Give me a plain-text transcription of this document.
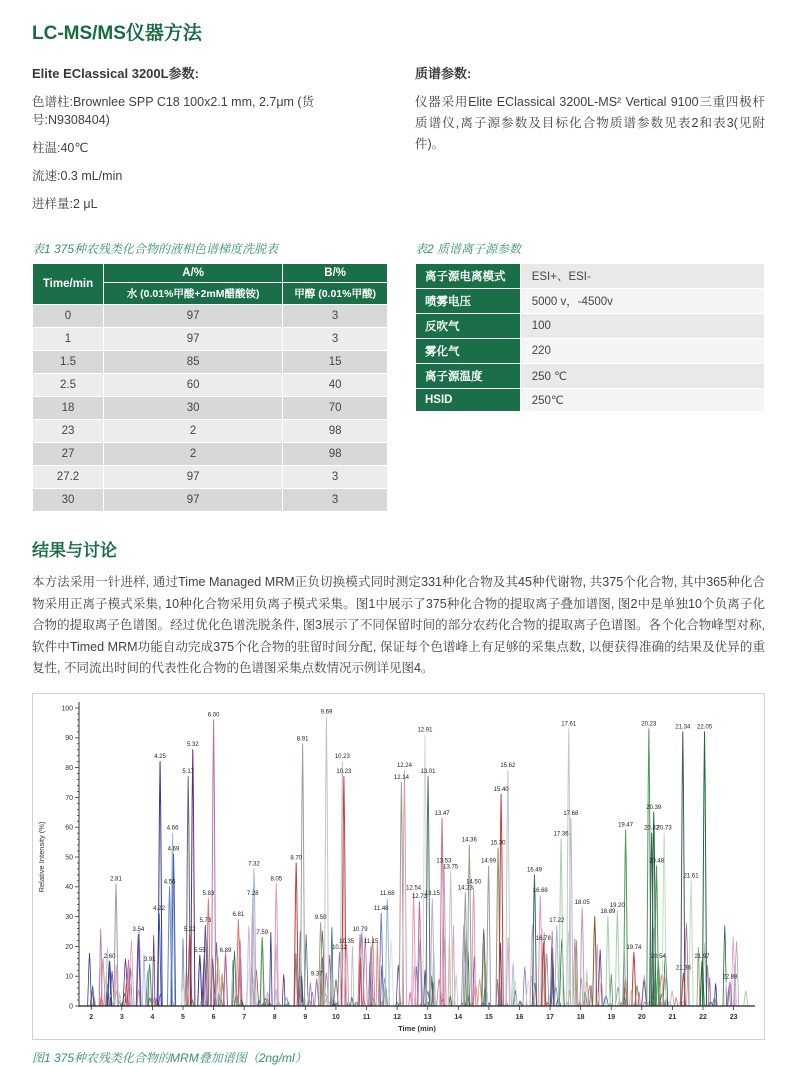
LC-MS/MS仪器方法

Elite EClassical 3200L参数:

色谱柱:Brownlee SPP C18 100x2.1 mm, 2.7μm (货号:N9308404)

柱温:40℃

流速:0.3 mL/min

进样量:2 μL

质谱参数:

仪器采用Elite EClassical 3200L-MS² Vertical 9100三重四极杆质谱仪,离子源参数及目标化合物质谱参数见表2和表3(见附件)。

表1 375种农残类化合物的液相色谱梯度洗脱表

Time/min	A/%	B/%
	水 (0.01%甲酸+2mM醋酸铵)	甲醇 (0.01%甲酸)
0	97	3
1	97	3
1.5	85	15
2.5	60	40
18	30	70
23	2	98
27	2	98
27.2	97	3
30	97	3

表2 质谱离子源参数

离子源电离模式	ESI+、ESI-
喷雾电压	5000 v，-4500v
反吹气	100
雾化气	220
离子源温度	250 ℃
HSID	250℃
结果与讨论

本方法采用一针进样, 通过Time Managed MRM正负切换模式同时测定331种化合物及其45种代谢物, 共375个化合物, 其中365种化合物采用正离子模式采集, 10种化合物采用负离子模式采集。图1中展示了375种化合物的提取离子叠加谱图, 图2中是单独10个负离子化合物的提取离子色谱图。经过优化色谱洗脱条件, 图3展示了不同保留时间的部分农药化合物的提取离子色谱图。各个化合物峰型对称, 软件中Timed MRM功能自动完成375个化合物的驻留时间分配, 保证每个色谱峰上有足够的采集点数, 以便获得准确的结果及优异的重复性, 不同流出时间的代表性化合物的色谱图采集点数情况示例详见图4。

0
10
20
30
40
50
60
70
80
90
100
2	3	4	5	6	7	8	9	10	11	12	13	14	15	16	17	18	19	20	21	22	23
Time (min)
Relative Intensity (%)
2.60
2.81
3.54
3.91
4.22
4.25
4.56
4.66
4.69
5.17
5.22
5.32
5.55
5.73
5.83
6.00
6.39
6.81
7.28
7.32
7.59
8.05
8.70
8.91
9.37
9.50
9.69
10.12
10.23
10.23
10.35
10.79
11.15
11.48
11.68
12.14
12.24
12.54
12.73
12.91
13.01
13.15
13.47
13.53
13.75
14.23
14.36
14.50
14.99
15.30
15.40
15.62
16.49
16.68
16.78
17.22
17.36
17.61
17.68
18.05
18.89
19.20
19.47
19.74
20.23
20.32
20.39
20.48
20.54
20.73
21.34
21.36
21.61
21.97
22.05
22.88

图1 375种农残类化合物的MRM叠加谱图（2ng/ml）
